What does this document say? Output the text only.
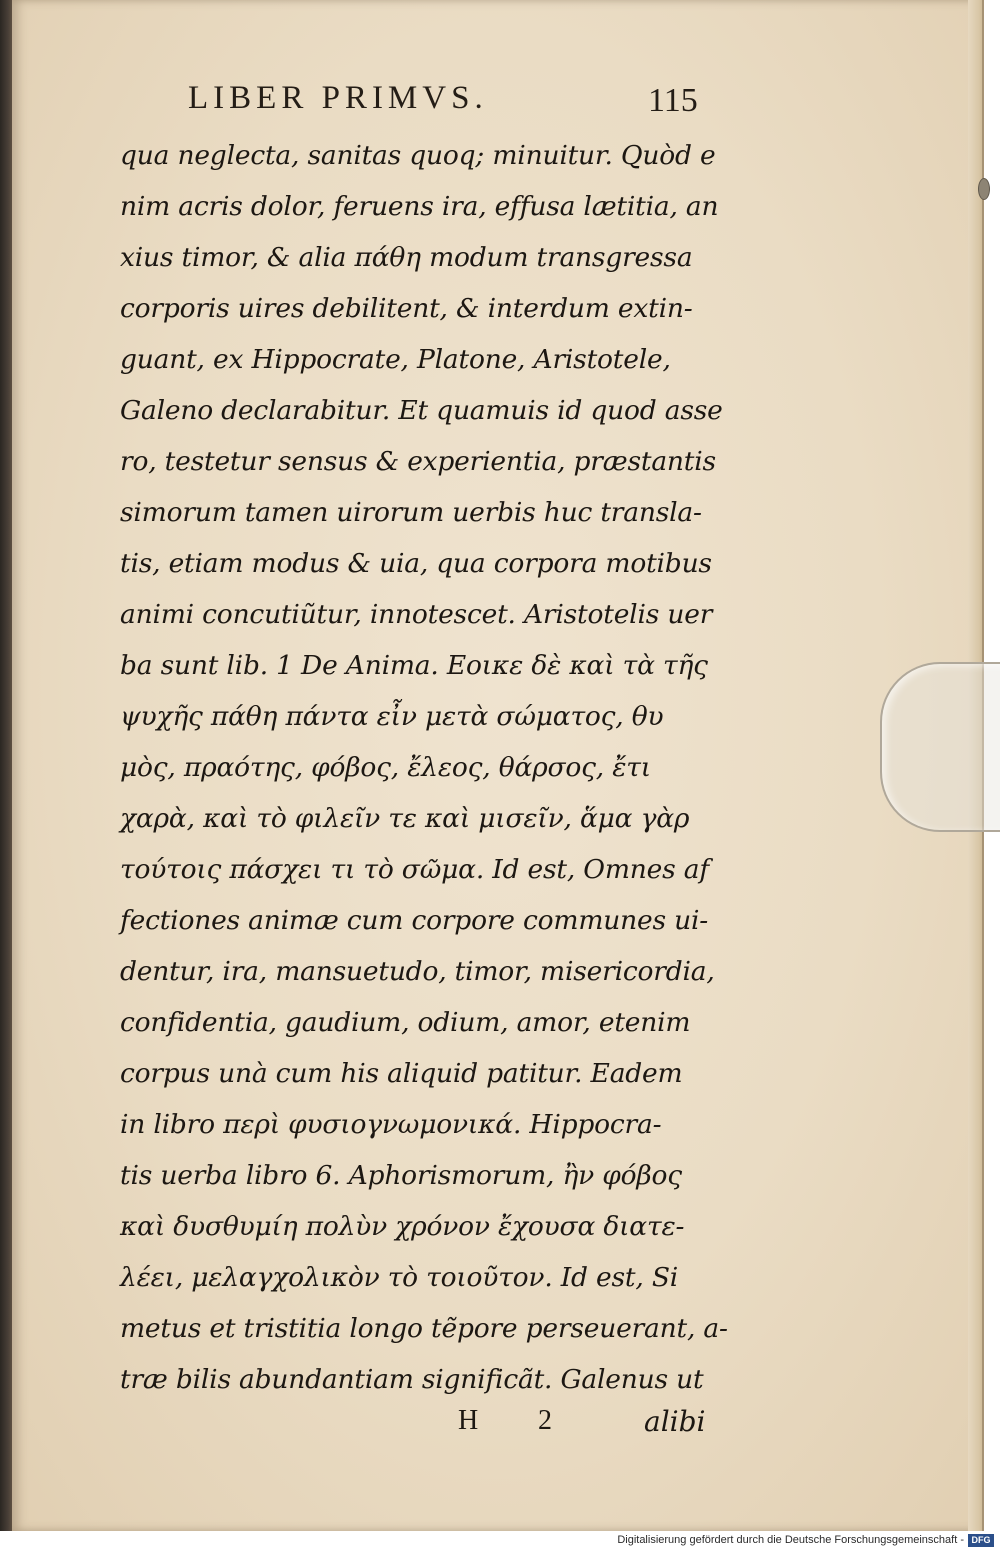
LIBER PRIMVS.	115
qua neglecta, sanitas quoq; minuitur. Quòd e
nim acris dolor, feruens ira, effusa lætitia, an
xius timor, & alia πάθη modum transgressa
corporis uires debilitent, & interdum extin-
guant, ex Hippocrate, Platone, Aristotele,
Galeno declarabitur. Et quamuis id quod asse
ro, testetur sensus & experientia, præstantis
simorum tamen uirorum uerbis huc transla-
tis, etiam modus & uia, qua corpora motibus
animi concutiũtur, innotescet. Aristotelis uer
ba sunt lib. 1 De Anima. Εοικε δὲ καὶ τὰ τῆς
ψυχῆς πάθη πάντα εἶν μετὰ σώματος, θυ
μὸς, πραότης, φόβος, ἔλεος, θάρσος, ἔτι
χαρὰ, καὶ τὸ φιλεῖν τε καὶ μισεῖν, ἅμα γὰρ
τούτοις πάσχει τι τὸ σῶμα. Id est, Omnes af
fectiones animæ cum corpore communes ui-
dentur, ira, mansuetudo, timor, misericordia,
confidentia, gaudium, odium, amor, etenim
corpus unà cum his aliquid patitur. Eadem
in libro περὶ φυσιογνωμονικά. Hippocra-
tis uerba libro 6. Aphorismorum, ἢν φόβος
καὶ δυσθυμίη πολὺν χρόνον ἔχουσα διατε-
λέει, μελαγχολικὸν τὸ τοιοῦτον. Id est, Si
metus et tristitia longo tẽpore perseuerant, a-
træ bilis abundantiam significãt. Galenus ut
H 2	alibi
Digitalisierung gefördert durch die Deutsche Forschungsgemeinschaft - DFG
